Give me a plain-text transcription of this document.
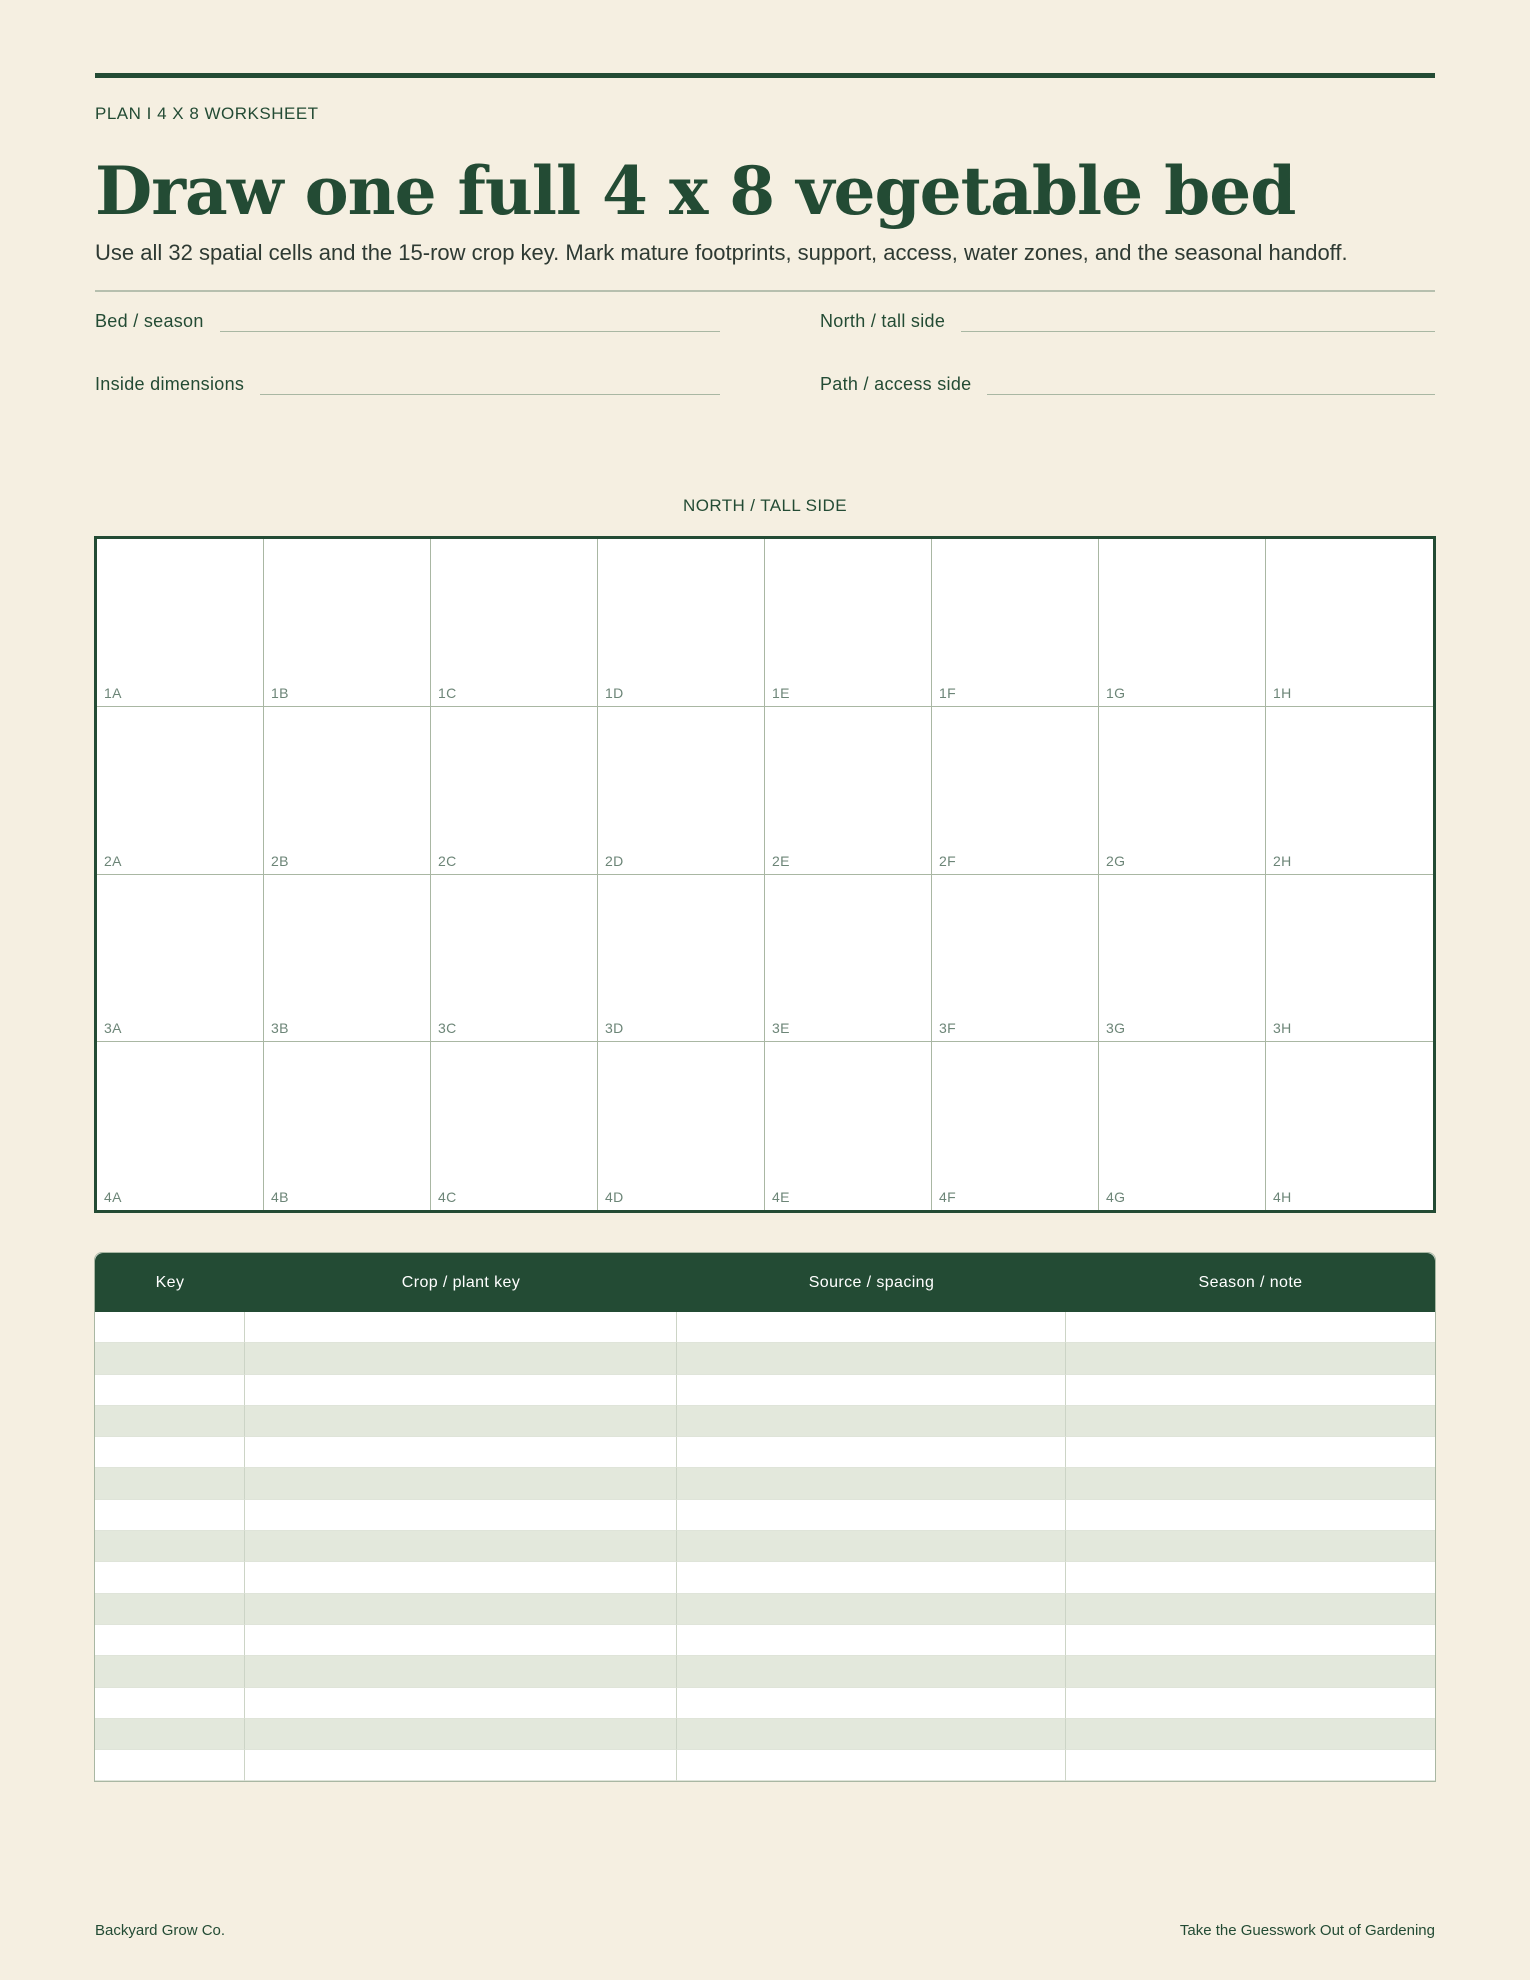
PLAN I 4 X 8 WORKSHEET
Draw one full 4 x 8 vegetable bed
Use all 32 spatial cells and the 15-row crop key. Mark mature footprints, support, access, water zones, and the seasonal handoff.
Bed / season	North / tall side
Inside dimensions	Path / access side
NORTH / TALL SIDE
1A	1B	1C	1D	1E	1F	1G	1H
2A	2B	2C	2D	2E	2F	2G	2H
3A	3B	3C	3D	3E	3F	3G	3H
4A	4B	4C	4D	4E	4F	4G	4H
Key	Crop / plant key	Source / spacing	Season / note
Backyard Grow Co.	Take the Guesswork Out of Gardening
